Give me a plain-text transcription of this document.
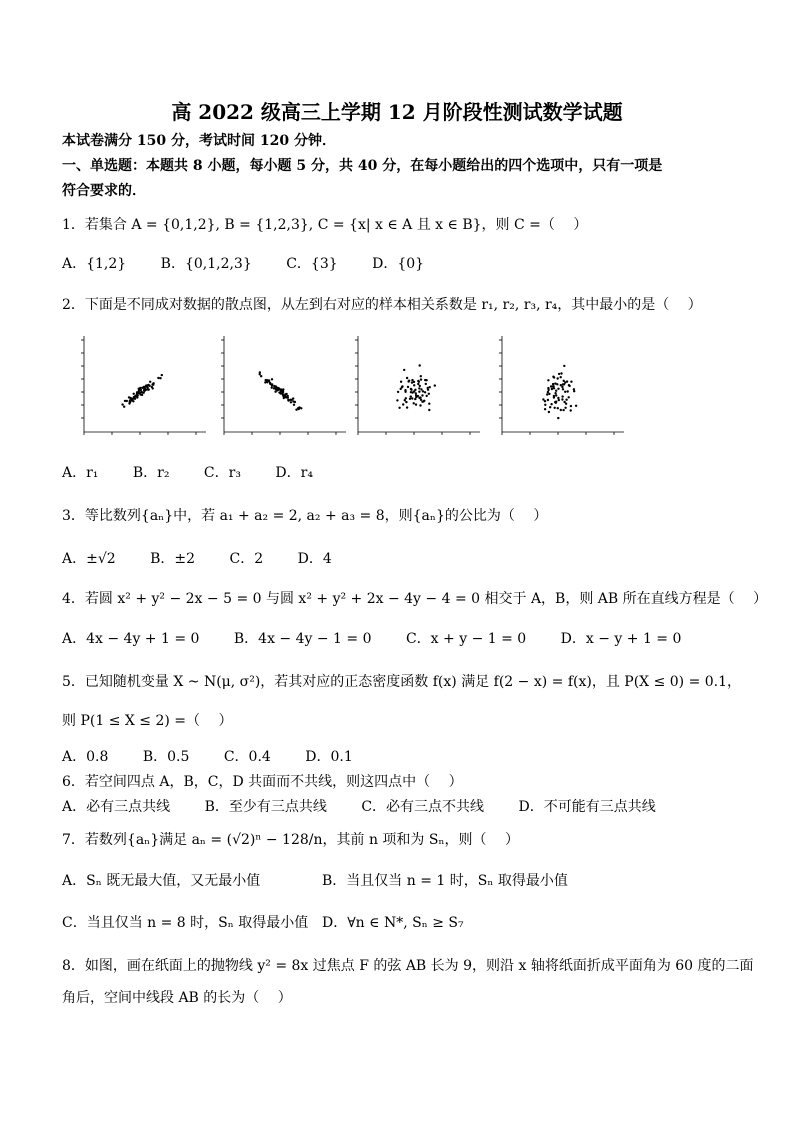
高 2022 级高三上学期 12 月阶段性测试数学试题
本试卷满分 150 分，考试时间 120 分钟．
一、单选题：本题共 8 小题，每小题 5 分，共 40 分，在每小题给出的四个选项中，只有一项是
符合要求的．
1．若集合 A = {0,1,2}, B = {1,2,3}, C = {x| x ∈ A 且 x ∈ B}，则 C =（　 ）
A．{1,2} B．{0,1,2,3} C．{3} D．{0}
2．下面是不同成对数据的散点图，从左到右对应的样本相关系数是 r₁, r₂, r₃, r₄，其中最小的是（　 ）
A．r₁ B．r₂ C．r₃ D．r₄
3．等比数列{aₙ}中，若 a₁ + a₂ = 2, a₂ + a₃ = 8，则{aₙ}的公比为（　 ）
A．±√2 B．±2 C．2 D．4
4．若圆 x² + y² − 2x − 5 = 0 与圆 x² + y² + 2x − 4y − 4 = 0 相交于 A，B，则 AB 所在直线方程是（　 ）
A．4x − 4y + 1 = 0 B．4x − 4y − 1 = 0 C．x + y − 1 = 0 D．x − y + 1 = 0
5．已知随机变量 X ~ N(μ, σ²)，若其对应的正态密度函数 f(x) 满足 f(2 − x) = f(x)，且 P(X ≤ 0) = 0.1，
则 P(1 ≤ X ≤ 2) =（　 ）
A．0.8 B．0.5 C．0.4 D．0.1
6．若空间四点 A，B，C，D 共面而不共线，则这四点中（　 ）
A．必有三点共线 B．至少有三点共线 C．必有三点不共线 D．不可能有三点共线
7．若数列{aₙ}满足 aₙ = (√2)ⁿ − 128/n，其前 n 项和为 Sₙ，则（　 ）
A．Sₙ 既无最大值，又无最小值	B．当且仅当 n = 1 时，Sₙ 取得最小值
C．当且仅当 n = 8 时，Sₙ 取得最小值 D．∀n ∈ N*, Sₙ ≥ S₇
8．如图，画在纸面上的抛物线 y² = 8x 过焦点 F 的弦 AB 长为 9，则沿 x 轴将纸面折成平面角为 60 度的二面
角后，空间中线段 AB 的长为（　 ）
